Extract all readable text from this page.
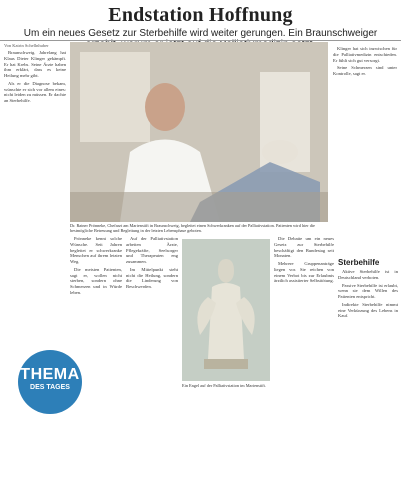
Endstation Hoffnung
Um ein neues Gesetz zur Sterbehilfe wird weiter gerungen. Ein Braunschweiger
Von Katrin Schellnhuber

Braunschweig. Jahrelang hat Klaus Dieter Klinger gekämpft. Er hat Krebs. Seine Ärzte haben ihm erklärt, dass es keine Heilung mehr gibt.

Als er die Diagnose bekam, wünschte er sich vor allem eines: nicht leiden zu müssen. Er dachte an Sterbehilfe.

Dr. Rainer Prönneke, Chefarzt am Marienstift in Braunschweig, begleitet einen Schwerkranken auf der Palliativstation. Patienten wird hier die bestmögliche Betreuung und Begleitung in der letzten Lebensphase geboten.

Prönneke kennt solche Wünsche. Seit Jahren begleitet er schwerkranke Menschen auf ihrem letzten Weg.

Die meisten Patienten, sagt er, wollen nicht sterben, sondern ohne Schmerzen und in Würde leben.

Auf der Palliativstation arbeiten Ärzte, Pflegekräfte, Seelsorger und Therapeuten eng zusammen.

Im Mittelpunkt steht nicht die Heilung, sondern die Linderung von Beschwerden.

Ein Engel auf der Palliativstation im Marienstift.

Die Debatte um ein neues Gesetz zur Sterbehilfe beschäftigt den Bundestag seit Monaten.

Mehrere Gruppenanträge liegen vor. Sie reichen von einem Verbot bis zur Erlaubnis ärztlich assistierter Selbsttötung.

Klinger hat sich inzwischen für die Palliativmedizin entschieden. Er fühlt sich gut versorgt.

Seine Schmerzen sind unter Kontrolle, sagt er.

Sterbehilfe

Aktive Sterbehilfe ist in Deutschland verboten.

Passive Sterbehilfe ist erlaubt, wenn sie dem Willen des Patienten entspricht.

Indirekte Sterbehilfe nimmt eine Verkürzung des Lebens in Kauf.

THEMA
DES TAGES
